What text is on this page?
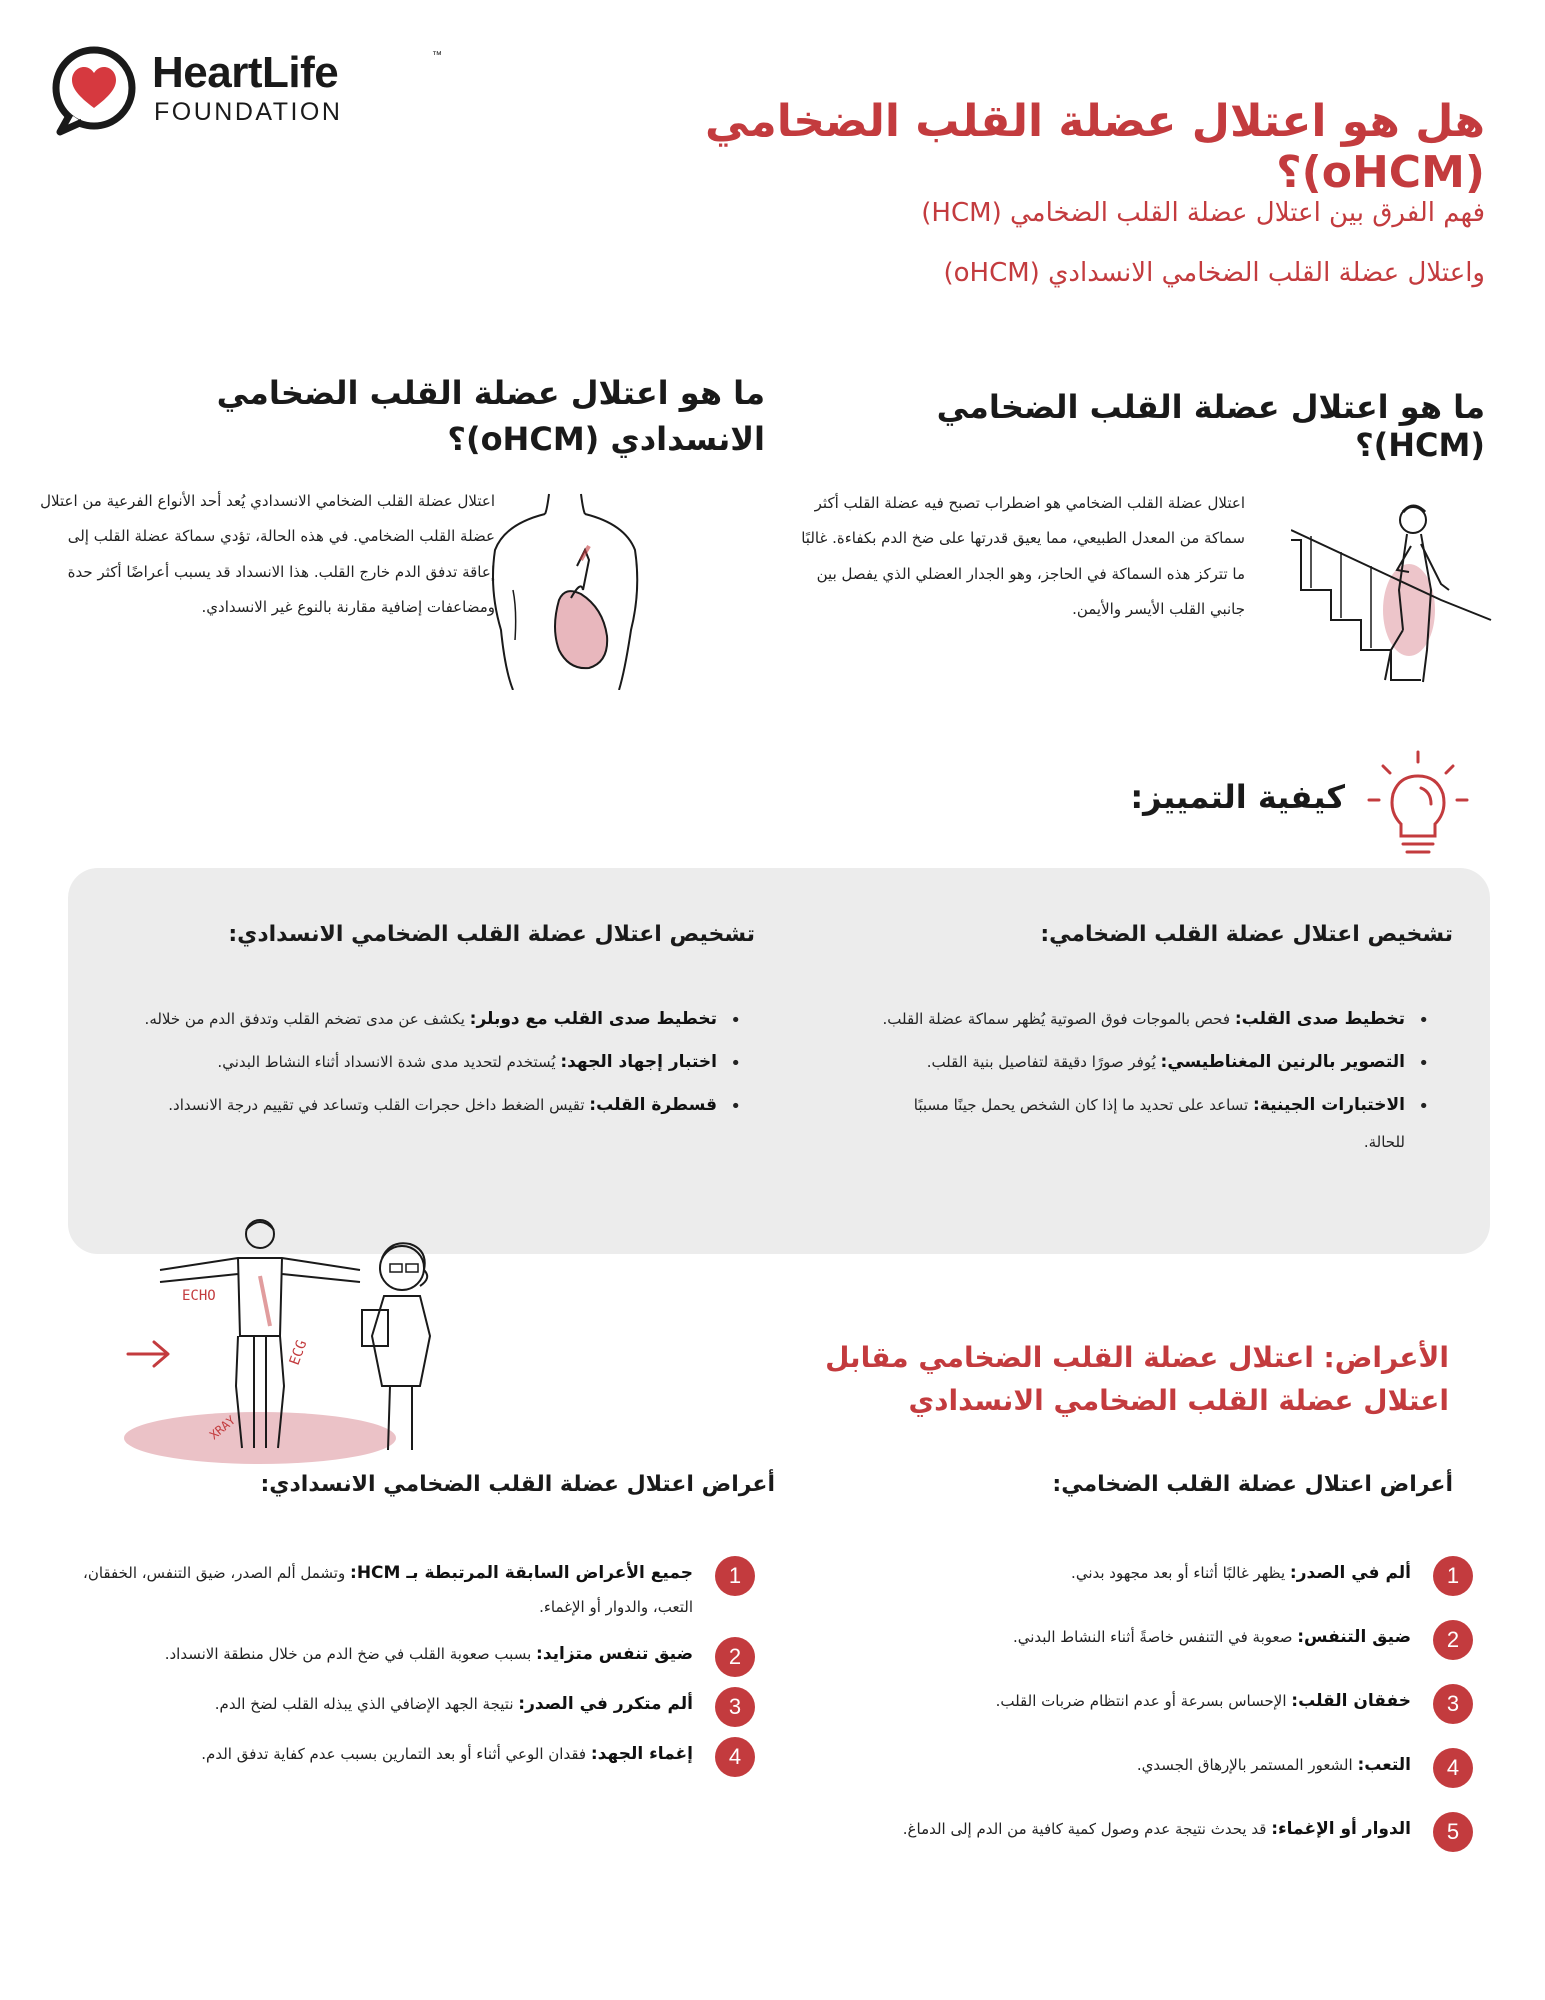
HeartLife	™
FOUNDATION	هل هو اعتلال عضلة القلب الضخامي (oHCM)؟
فهم الفرق بين اعتلال عضلة القلب الضخامي (HCM)
واعتلال عضلة القلب الضخامي الانسدادي (oHCM)
ما هو اعتلال عضلة القلب الضخامي (HCM)؟
اعتلال عضلة القلب الضخامي هو اضطراب تصبح فيه عضلة القلب أكثر سماكة من المعدل الطبيعي، مما يعيق قدرتها على ضخ الدم بكفاءة. غالبًا ما تتركز هذه السماكة في الحاجز، وهو الجدار العضلي الذي يفصل بين جانبي القلب الأيسر والأيمن.
ما هو اعتلال عضلة القلب الضخامي الانسدادي (oHCM)؟
اعتلال عضلة القلب الضخامي الانسدادي يُعد أحد الأنواع الفرعية من اعتلال عضلة القلب الضخامي. في هذه الحالة، تؤدي سماكة عضلة القلب إلى إعاقة تدفق الدم خارج القلب. هذا الانسداد قد يسبب أعراضًا أكثر حدة ومضاعفات إضافية مقارنة بالنوع غير الانسدادي.
كيفية التمييز:
تشخيص اعتلال عضلة القلب الضخامي:
تشخيص اعتلال عضلة القلب الضخامي الانسدادي:
• تخطيط صدى القلب: فحص بالموجات فوق الصوتية يُظهر سماكة عضلة القلب.
• التصوير بالرنين المغناطيسي: يُوفر صورًا دقيقة لتفاصيل بنية القلب.
• الاختبارات الجينية: تساعد على تحديد ما إذا كان الشخص يحمل جينًا مسببًا للحالة.
• تخطيط صدى القلب مع دوبلر: يكشف عن مدى تضخم القلب وتدفق الدم من خلاله.
• اختبار إجهاد الجهد: يُستخدم لتحديد مدى شدة الانسداد أثناء النشاط البدني.
• قسطرة القلب: تقيس الضغط داخل حجرات القلب وتساعد في تقييم درجة الانسداد.
ECHO
ECG
XRAY
الأعراض: اعتلال عضلة القلب الضخامي مقابل
اعتلال عضلة القلب الضخامي الانسدادي
أعراض اعتلال عضلة القلب الضخامي:
أعراض اعتلال عضلة القلب الضخامي الانسدادي:
1
ألم في الصدر: يظهر غالبًا أثناء أو بعد مجهود بدني.
2
ضيق التنفس: صعوبة في التنفس خاصةً أثناء النشاط البدني.
3
خفقان القلب: الإحساس بسرعة أو عدم انتظام ضربات القلب.
4
التعب: الشعور المستمر بالإرهاق الجسدي.
5
الدوار أو الإغماء: قد يحدث نتيجة عدم وصول كمية كافية من الدم إلى الدماغ.
1
جميع الأعراض السابقة المرتبطة بـ HCM: وتشمل ألم الصدر، ضيق التنفس، الخفقان، التعب، والدوار أو الإغماء.
2
ضيق تنفس متزايد: بسبب صعوبة القلب في ضخ الدم من خلال منطقة الانسداد.
3
ألم متكرر في الصدر: نتيجة الجهد الإضافي الذي يبذله القلب لضخ الدم.
4
إغماء الجهد: فقدان الوعي أثناء أو بعد التمارين بسبب عدم كفاية تدفق الدم.
